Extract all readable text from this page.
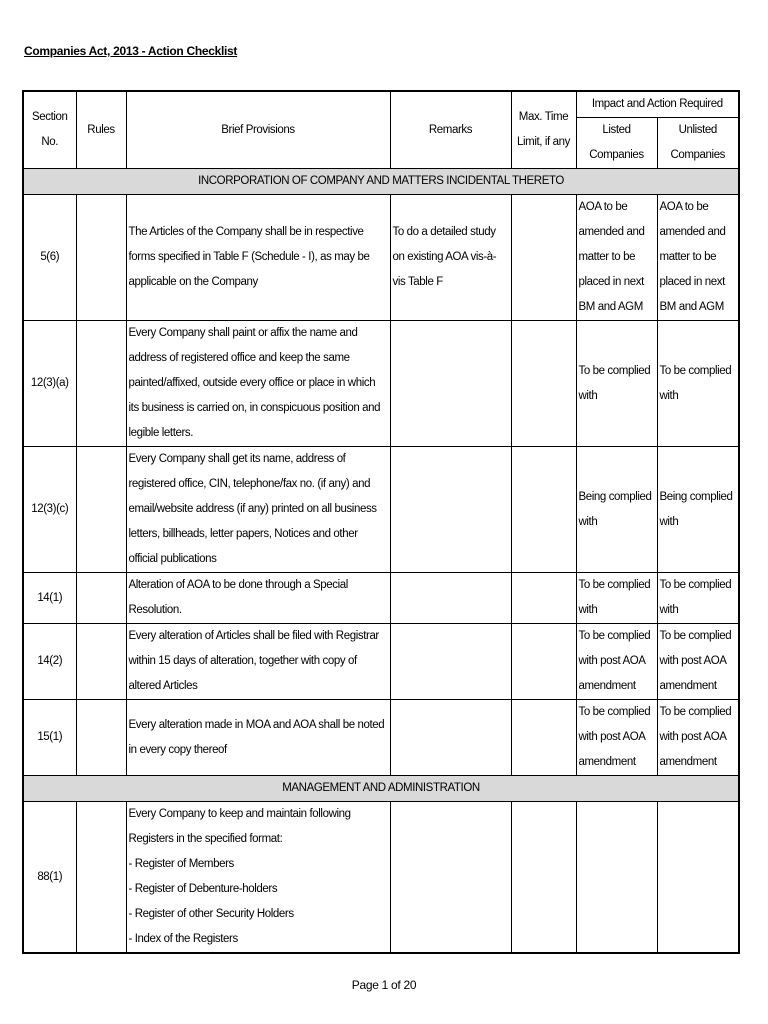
Companies Act, 2013 - Action Checklist
Section No.	Rules	Brief Provisions	Remarks	Max. Time Limit, if any	Impact and Action Required	
					Listed Companies	Unlisted Companies
INCORPORATION OF COMPANY AND MATTERS INCIDENTAL THERETO						
5(6)		The Articles of the Company shall be in respective forms specified in Table F (Schedule - I), as may be applicable on the Company	To do a detailed study on existing AOA vis-à-vis Table F		AOA to be amended and matter to be placed in next BM and AGM	AOA to be amended and matter to be placed in next BM and AGM
12(3)(a)		Every Company shall paint or affix the name and address of registered office and keep the same painted/affixed, outside every office or place in which its business is carried on, in conspicuous position and legible letters.			To be complied with	To be complied with
12(3)(c)		Every Company shall get its name, address of registered office, CIN, telephone/fax no. (if any) and email/website address (if any) printed on all business letters, billheads, letter papers, Notices and other official publications			Being complied with	Being complied with
14(1)		Alteration of AOA to be done through a Special Resolution.			To be complied with	To be complied with
14(2)		Every alteration of Articles shall be filed with Registrar within 15 days of alteration, together with copy of altered Articles			To be complied with post AOA amendment	To be complied with post AOA amendment
15(1)		Every alteration made in MOA and AOA shall be noted in every copy thereof			To be complied with post AOA amendment	To be complied with post AOA amendment
MANAGEMENT AND ADMINISTRATION						
88(1)		Every Company to keep and maintain following Registers in the specified format:
- Register of Members
- Register of Debenture-holders
- Register of other Security Holders
- Index of the Registers				

Page 1 of 20
